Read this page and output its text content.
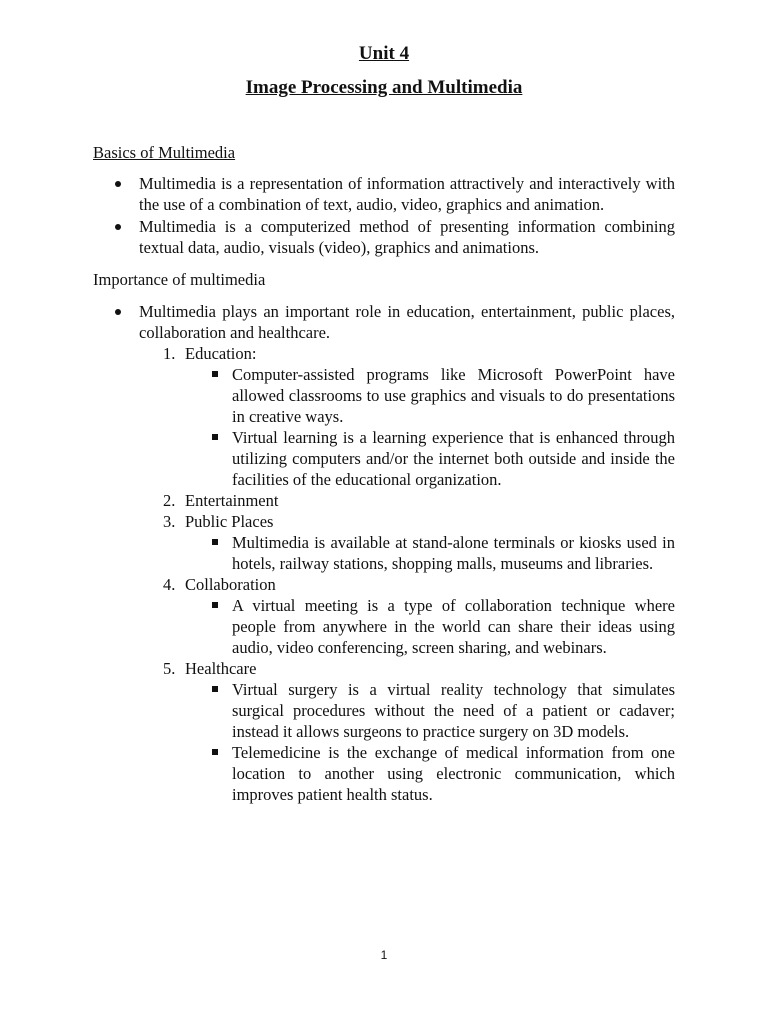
Unit 4
Image Processing and Multimedia
Basics of Multimedia
Multimedia is a representation of information attractively and interactively with the use of a combination of text, audio, video, graphics and animation.
Multimedia is a computerized method of presenting information combining textual data, audio, visuals (video), graphics and animations.
Importance of multimedia
Multimedia plays an important role in education, entertainment, public places, collaboration and healthcare.
1. Education:
Computer-assisted programs like Microsoft PowerPoint have allowed classrooms to use graphics and visuals to do presentations in creative ways.
Virtual learning is a learning experience that is enhanced through utilizing computers and/or the internet both outside and inside the facilities of the educational organization.
2. Entertainment
3. Public Places
Multimedia is available at stand-alone terminals or kiosks used in hotels, railway stations, shopping malls, museums and libraries.
4. Collaboration
A virtual meeting is a type of collaboration technique where people from anywhere in the world can share their ideas using audio, video conferencing, screen sharing, and webinars.
5. Healthcare
Virtual surgery is a virtual reality technology that simulates surgical procedures without the need of a patient or cadaver; instead it allows surgeons to practice surgery on 3D models.
Telemedicine is the exchange of medical information from one location to another using electronic communication, which improves patient health status.
1
